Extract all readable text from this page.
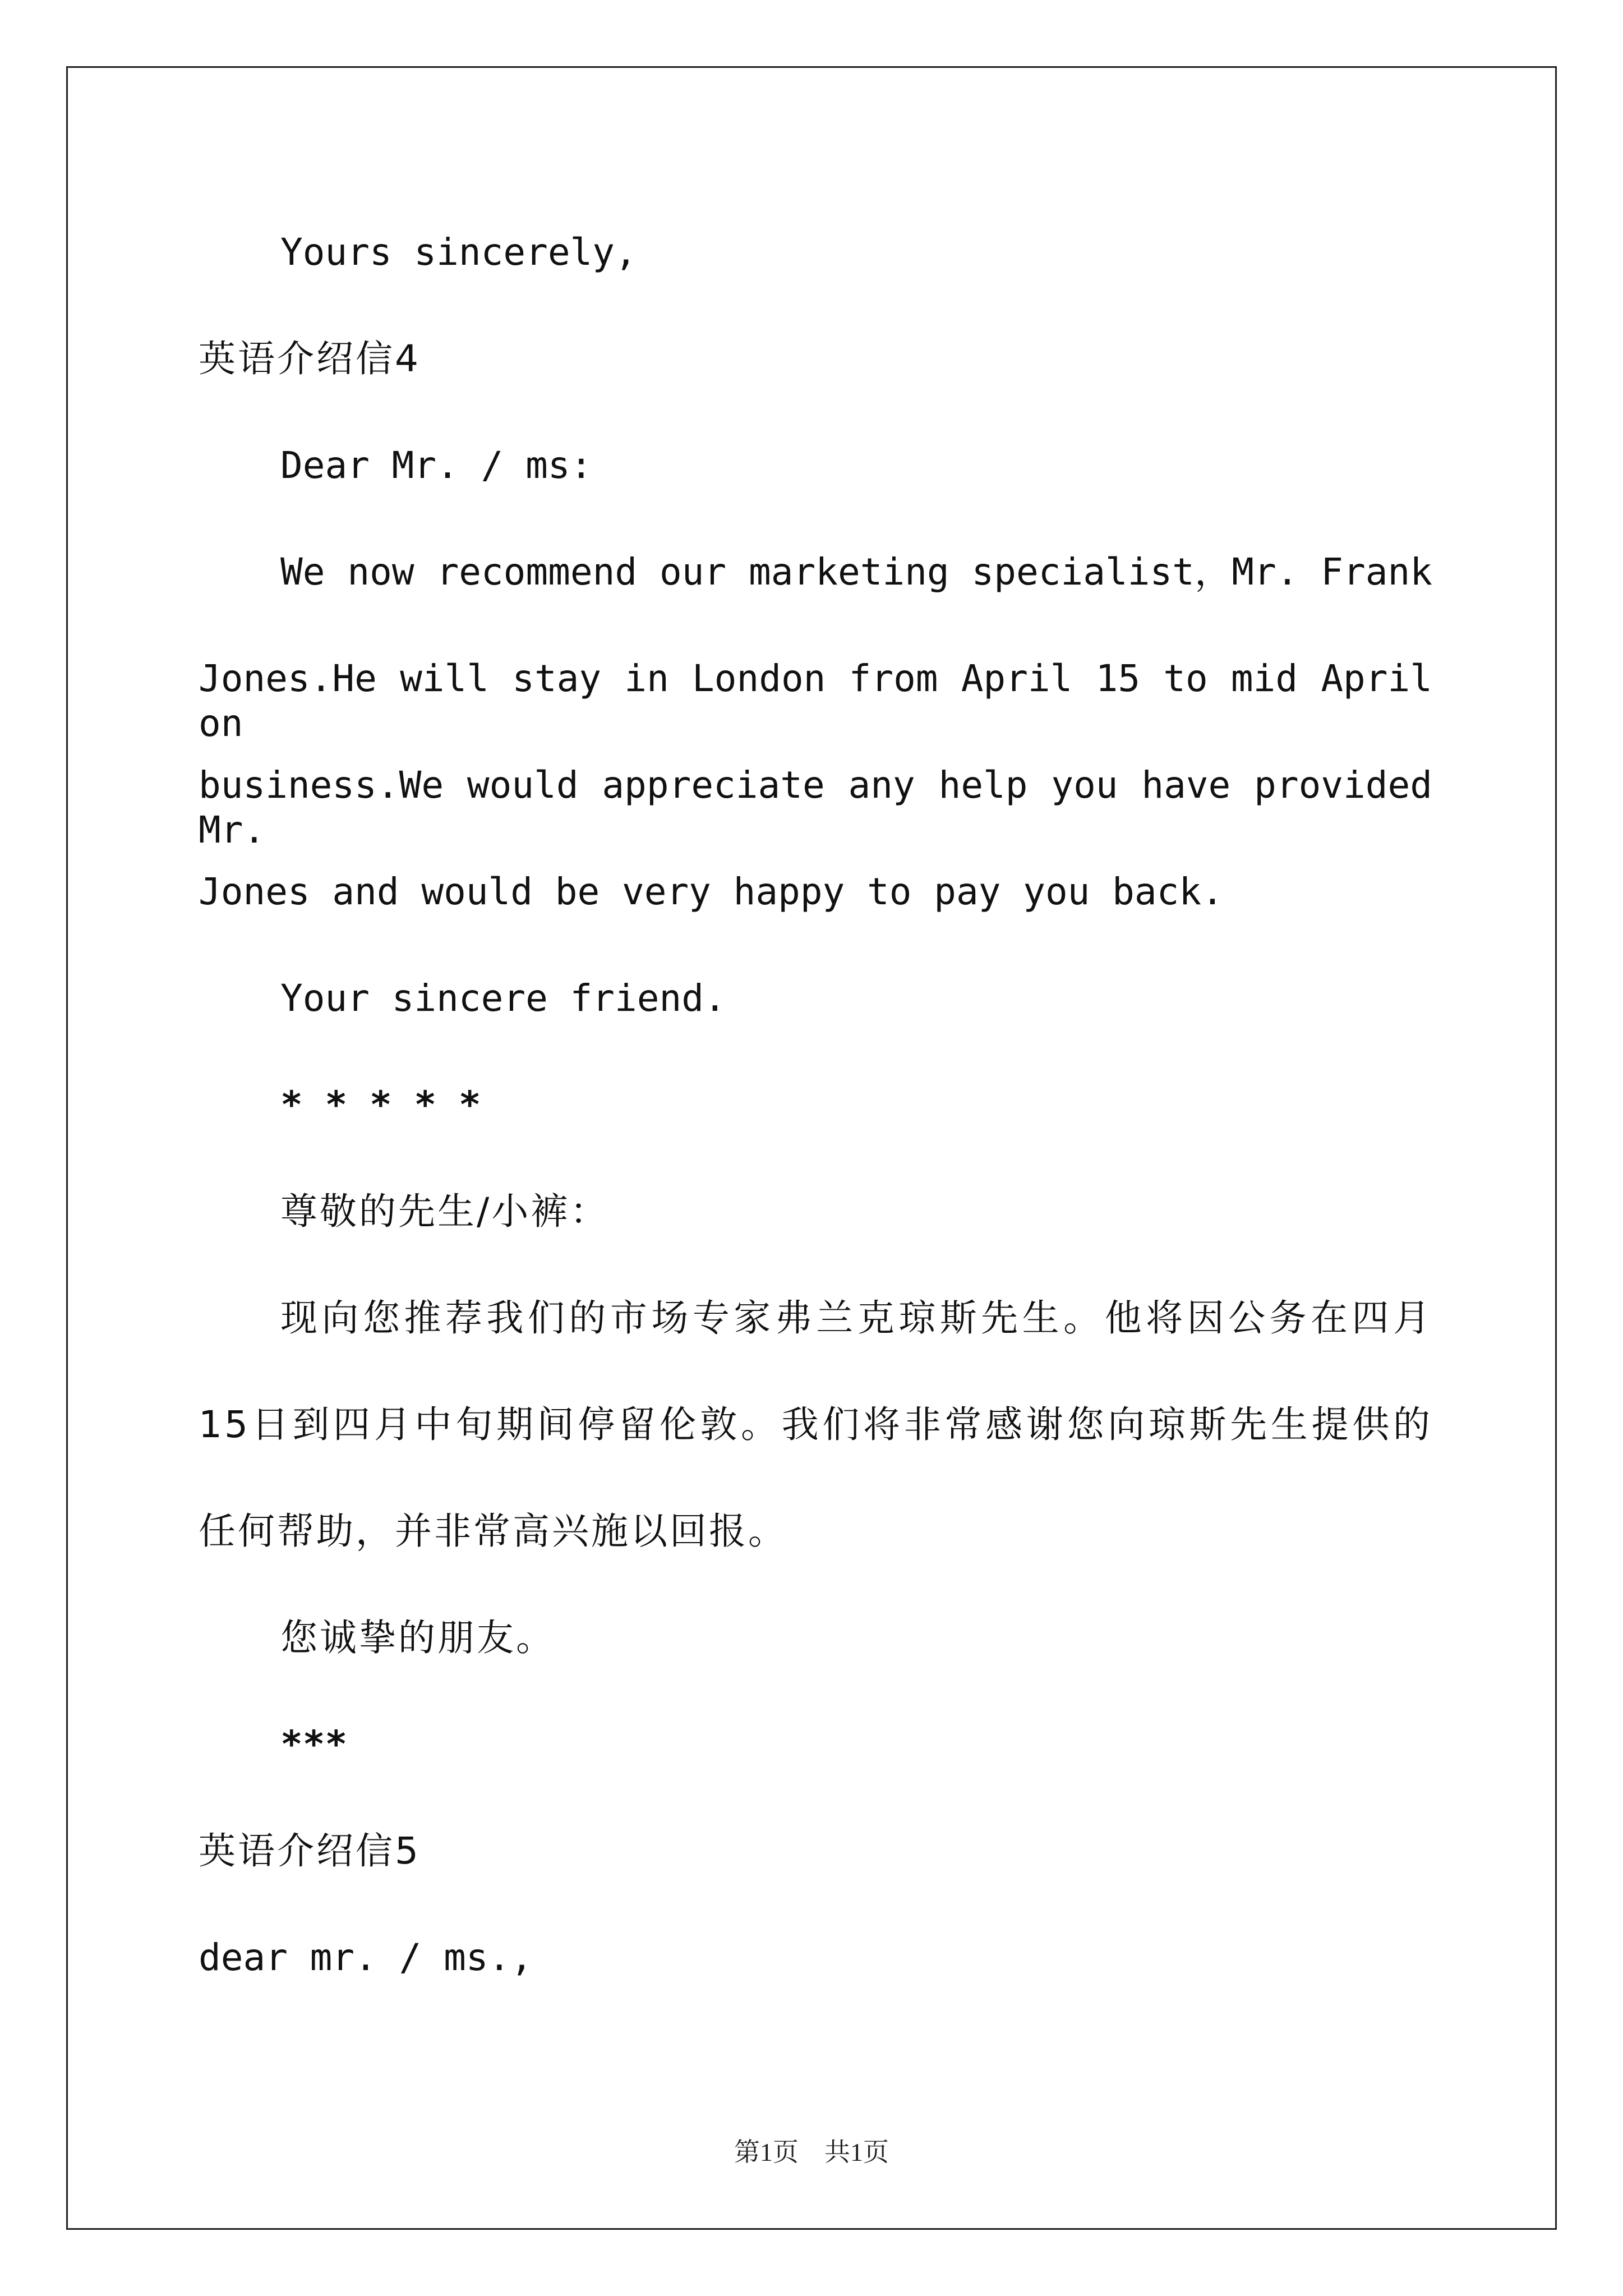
Yours sincerely,
英语介绍信4
Dear Mr. / ms:
We now recommend our marketing specialist，Mr. Frank
Jones.He will stay in London from April 15 to mid April on
business.We would appreciate any help you have provided Mr.
Jones and would be very happy to pay you back.
Your sincere friend.
* * * * *
尊敬的先生/小裤：
现向您推荐我们的市场专家弗兰克琼斯先生。他将因公务在四月
15日到四月中旬期间停留伦敦。我们将非常感谢您向琼斯先生提供的
任何帮助，并非常高兴施以回报。
您诚挚的朋友。
***
英语介绍信5
dear mr. / ms.,
第1页　共1页
